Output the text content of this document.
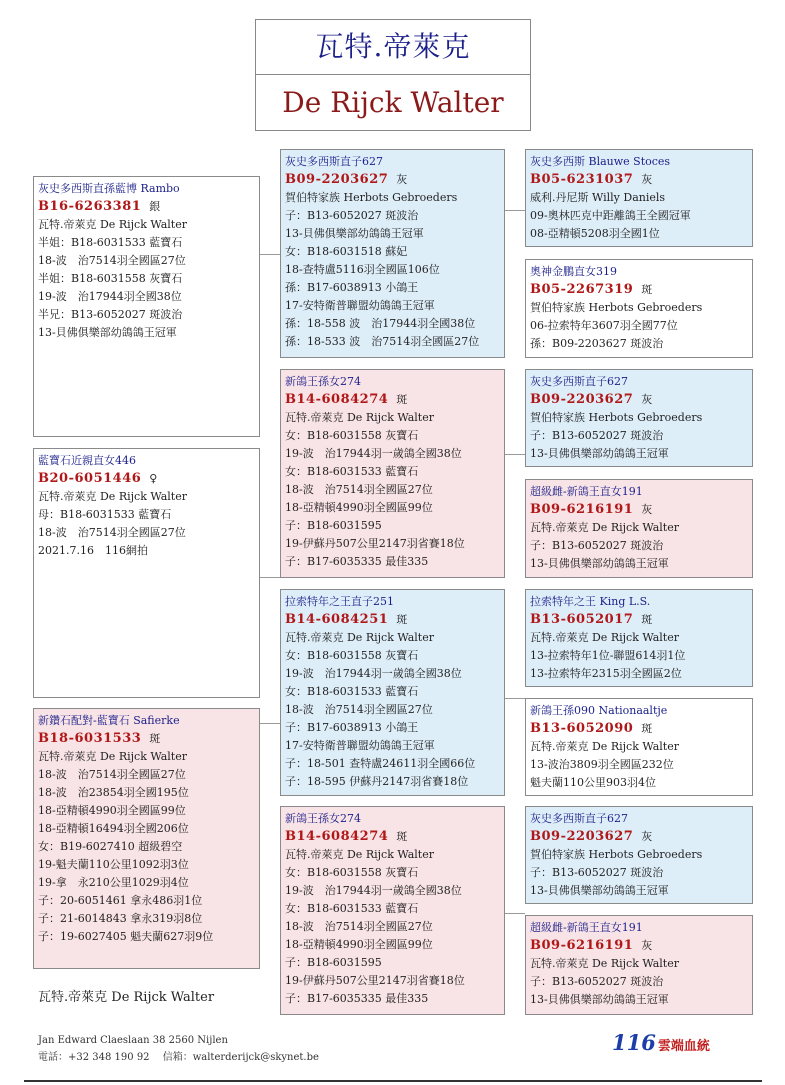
瓦特.帝萊克
De Rijck Walter
灰史多西斯直孫藍博 Rambo
B16-6263381 銀
瓦特.帝萊克 De Rijck Walter
半姐：B18-6031533 藍寶石
18-波　治7514羽全國區27位
半姐：B18-6031558 灰寶石
19-波　治17944羽全國38位
半兄：B13-6052027 斑波治
13-貝佛俱樂部幼鴿鴿王冠軍
灰史多西斯直子627
B09-2203627 灰
賀伯特家族 Herbots Gebroeders
子：B13-6052027 斑波治
13-貝佛俱樂部幼鴿鴿王冠軍
女：B18-6031518 蘇妃
18-查特盧5116羽全國區106位
孫：B17-6038913 小鴿王
17-安特衛普聯盟幼鴿鴿王冠軍
孫：18-558 波　治17944羽全國38位
孫：18-533 波　治7514羽全國區27位
灰史多西斯 Blauwe Stoces
B05-6231037 灰
威利.丹尼斯 Willy Daniels
09-奧林匹克中距離鴿王全國冠軍
08-亞精頓5208羽全國1位
奧神金鵬直女319
B05-2267319 斑
賀伯特家族 Herbots Gebroeders
06-拉索特年3607羽全國77位
孫：B09-2203627 斑波治
新鴿王孫女274
B14-6084274 斑
瓦特.帝萊克 De Rijck Walter
女：B18-6031558 灰寶石
19-波　治17944羽一歲鴿全國38位
女：B18-6031533 藍寶石
18-波　治7514羽全國區27位
18-亞精頓4990羽全國區99位
子：B18-6031595
19-伊蘇丹507公里2147羽省賽18位
子：B17-6035335 最佳335
灰史多西斯直子627
B09-2203627 灰
賀伯特家族 Herbots Gebroeders
子：B13-6052027 斑波治
13-貝佛俱樂部幼鴿鴿王冠軍
超級雌-新鴿王直女191
B09-6216191 灰
瓦特.帝萊克 De Rijck Walter
子：B13-6052027 斑波治
13-貝佛俱樂部幼鴿鴿王冠軍
藍寶石近親直女446
B20-6051446 ♀
瓦特.帝萊克 De Rijck Walter
母：B18-6031533 藍寶石
18-波　治7514羽全國區27位
2021.7.16　116網拍
拉索特年之王直子251
B14-6084251 斑
瓦特.帝萊克 De Rijck Walter
女：B18-6031558 灰寶石
19-波　治17944羽一歲鴿全國38位
女：B18-6031533 藍寶石
18-波　治7514羽全國區27位
子：B17-6038913 小鴿王
17-安特衛普聯盟幼鴿鴿王冠軍
子：18-501 查特盧24611羽全國66位
子：18-595 伊蘇丹2147羽省賽18位
拉索特年之王 King L.S.
B13-6052017 斑
瓦特.帝萊克 De Rijck Walter
13-拉索特年1位-聯盟614羽1位
13-拉索特年2315羽全國區2位
新鴿王孫090 Nationaaltje
B13-6052090 斑
瓦特.帝萊克 De Rijck Walter
13-波治3809羽全國區232位
魁夫蘭110公里903羽4位
新鑽石配對-藍寶石 Safierke
B18-6031533 斑
瓦特.帝萊克 De Rijck Walter
18-波　治7514羽全國區27位
18-波　治23854羽全國195位
18-亞精頓4990羽全國區99位
18-亞精頓16494羽全國206位
女：B19-6027410 超級碧空
19-魁夫蘭110公里1092羽3位
19-拿　永210公里1029羽4位
子：20-6051461 拿永486羽1位
子：21-6014843 拿永319羽8位
子：19-6027405 魁夫蘭627羽9位
新鴿王孫女274
B14-6084274 斑
瓦特.帝萊克 De Rijck Walter
女：B18-6031558 灰寶石
19-波　治17944羽一歲鴿全國38位
女：B18-6031533 藍寶石
18-波　治7514羽全國區27位
18-亞精頓4990羽全國區99位
子：B18-6031595
19-伊蘇丹507公里2147羽省賽18位
子：B17-6035335 最佳335
灰史多西斯直子627
B09-2203627 灰
賀伯特家族 Herbots Gebroeders
子：B13-6052027 斑波治
13-貝佛俱樂部幼鴿鴿王冠軍
超級雌-新鴿王直女191
B09-6216191 灰
瓦特.帝萊克 De Rijck Walter
子：B13-6052027 斑波治
13-貝佛俱樂部幼鴿鴿王冠軍
瓦特.帝萊克 De Rijck Walter
Jan Edward Claeslaan 38 2560 Nijlen
電話：+32 348 190 92　 信箱：walterderijck@skynet.be
116 雲端血統
